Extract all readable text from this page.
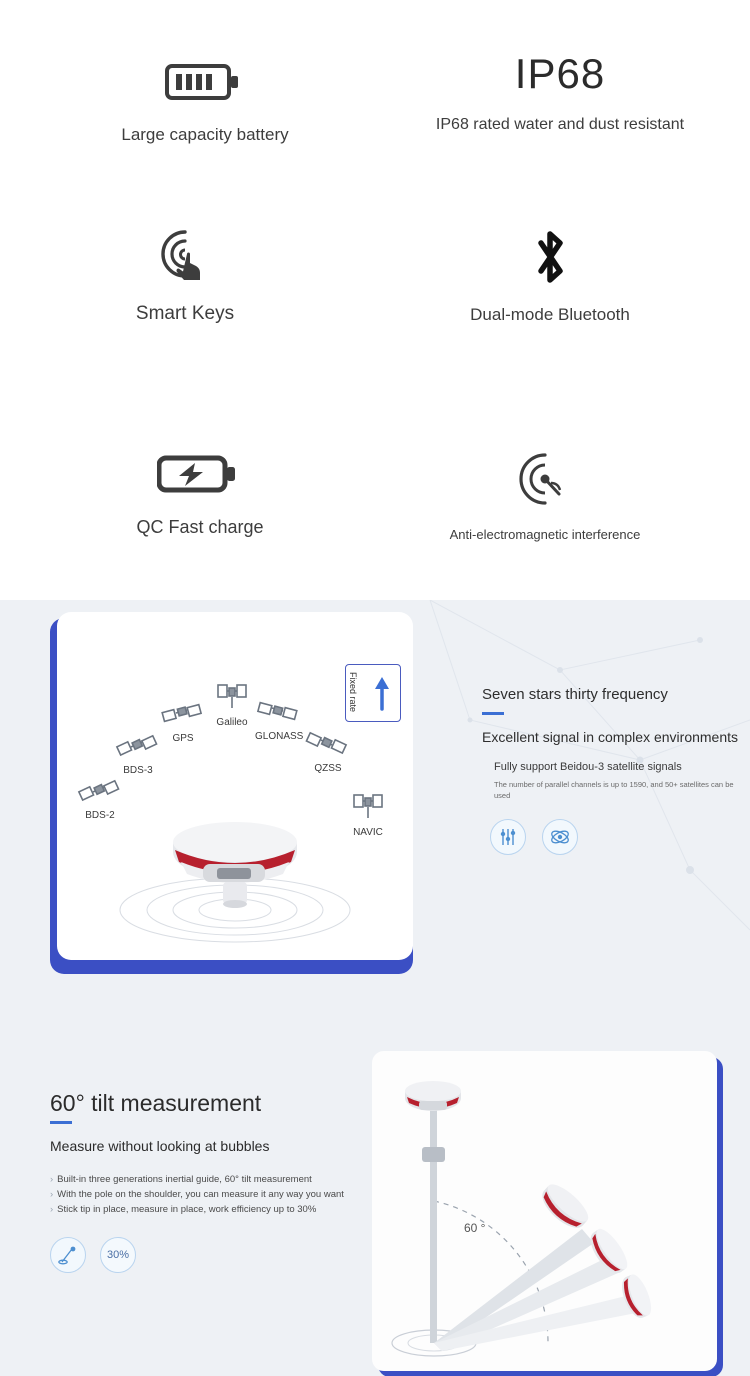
Large capacity battery
IP68
IP68 rated water and dust resistant
Smart Keys	Dual-mode Bluetooth
QC Fast charge	Anti-electromagnetic interference
Fixed rate
BDS-2
BDS-3
GPS
Galileo
GLONASS
QZSS
NAVIC
Seven stars thirty frequency
Excellent signal in complex environments
Fully support Beidou-3 satellite signals
The number of parallel channels is up to 1590, and 50+ satellites can be used
60° tilt measurement
Measure without looking at bubbles
› Built-in three generations inertial guide, 60° tilt measurement
› With the pole on the shoulder, you can measure it any way you want
› Stick tip in place, measure in place, work efficiency up to 30%
30%
60 °
